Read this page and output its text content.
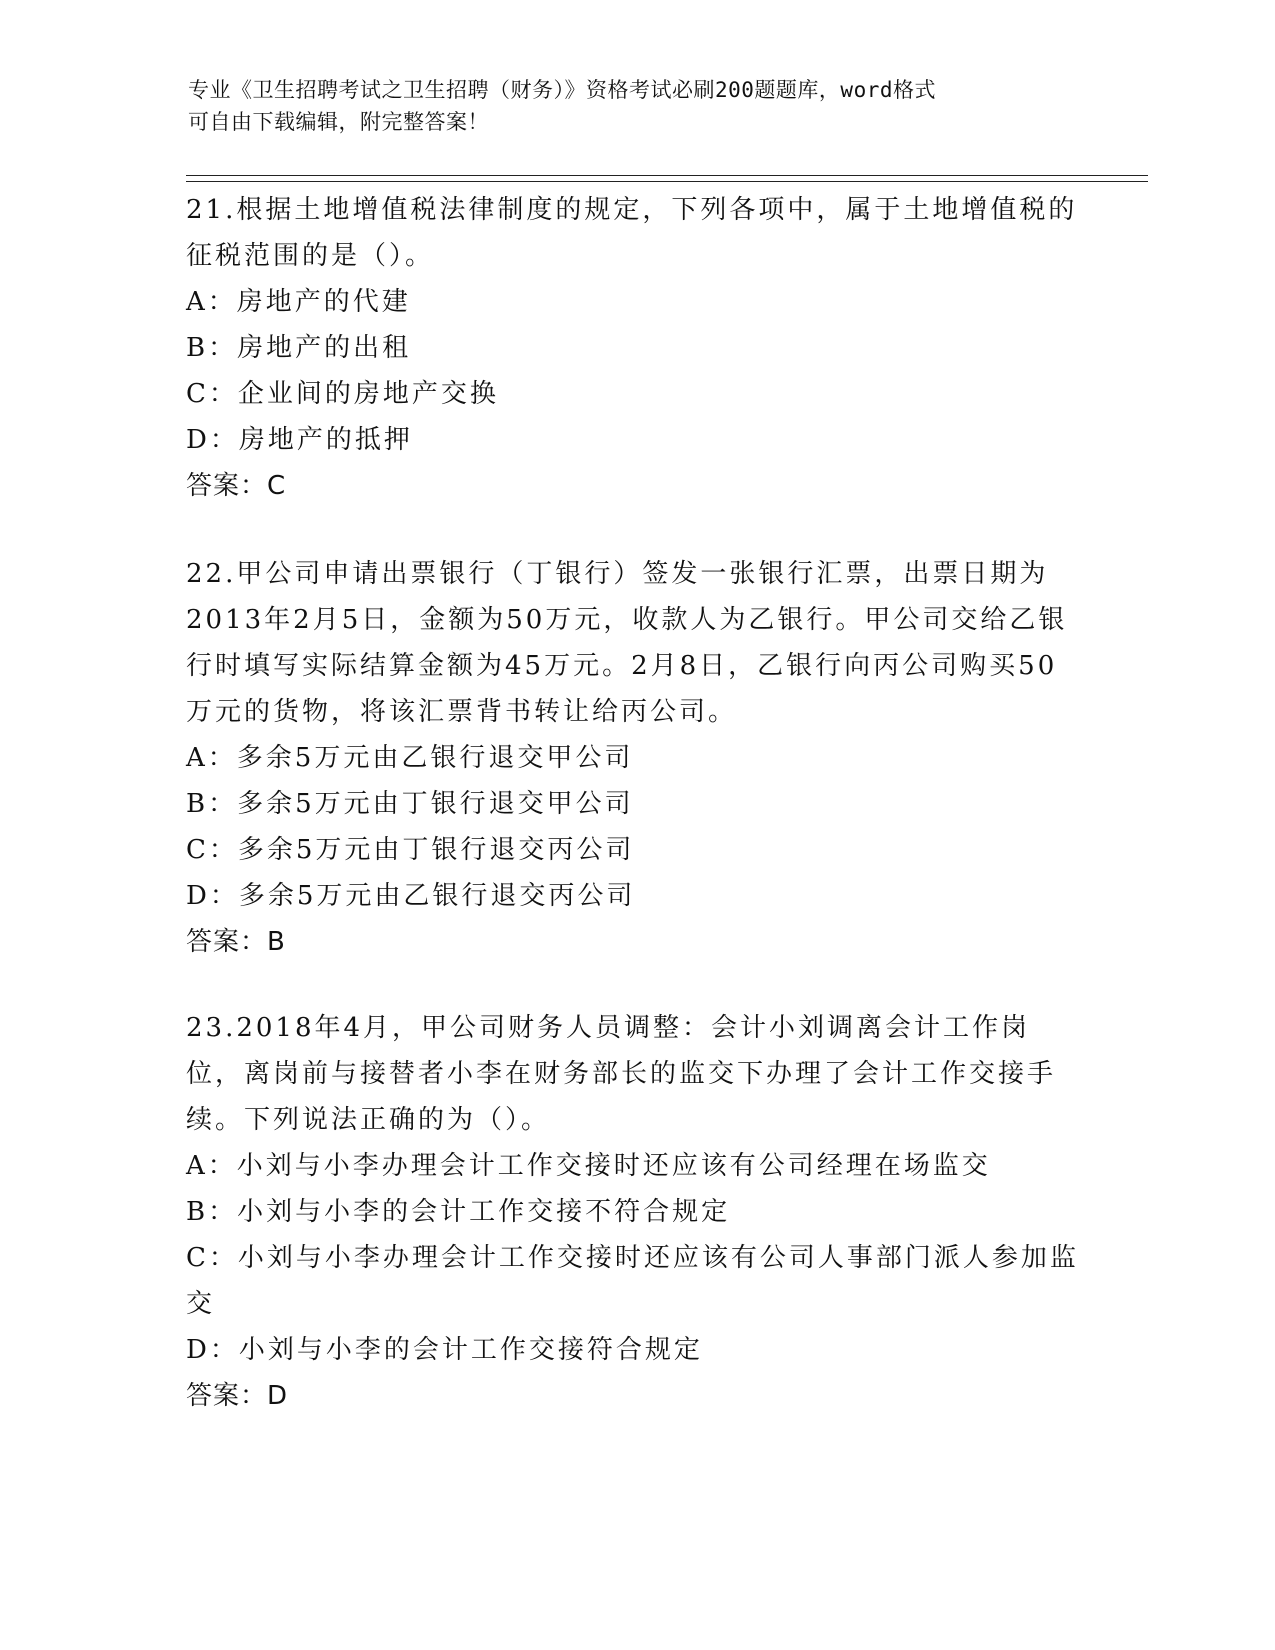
专业《卫生招聘考试之卫生招聘（财务）》资格考试必刷200题题库，word格式
可自由下载编辑，附完整答案！

21.根据土地增值税法律制度的规定，下列各项中，属于土地增值税的征税范围的是（）。

A：房地产的代建

B：房地产的出租

C：企业间的房地产交换

D：房地产的抵押

答案：C

22.甲公司申请出票银行（丁银行）签发一张银行汇票，出票日期为2013年2月5日，金额为50万元，收款人为乙银行。甲公司交给乙银行时填写实际结算金额为45万元。2月8日，乙银行向丙公司购买50万元的货物，将该汇票背书转让给丙公司。

A：多余5万元由乙银行退交甲公司

B：多余5万元由丁银行退交甲公司

C：多余5万元由丁银行退交丙公司

D：多余5万元由乙银行退交丙公司

答案：B

23.2018年4月，甲公司财务人员调整：会计小刘调离会计工作岗位，离岗前与接替者小李在财务部长的监交下办理了会计工作交接手续。下列说法正确的为（）。

A：小刘与小李办理会计工作交接时还应该有公司经理在场监交

B：小刘与小李的会计工作交接不符合规定

C：小刘与小李办理会计工作交接时还应该有公司人事部门派人参加监交

D：小刘与小李的会计工作交接符合规定

答案：D
